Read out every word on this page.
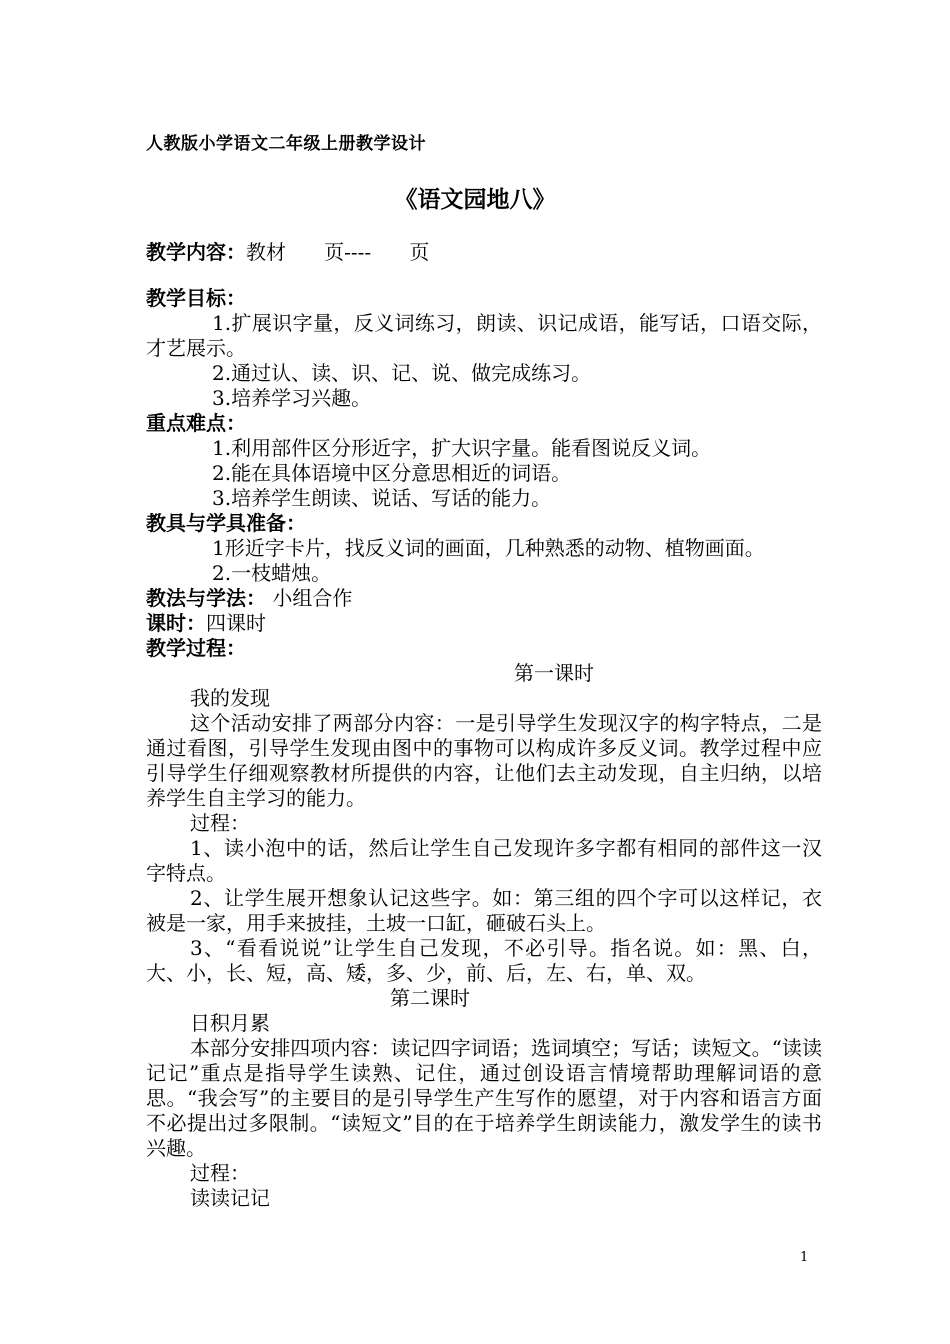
人教版小学语文二年级上册教学设计
《语文园地八》

教学内容：教材      页----      页

教学目标：

1.扩展识字量，反义词练习，朗读、识记成语，能写话，口语交际，才艺展示。

2.通过认、读、识、记、说、做完成练习。

3.培养学习兴趣。

重点难点：

1.利用部件区分形近字，扩大识字量。能看图说反义词。

2.能在具体语境中区分意思相近的词语。

3.培养学生朗读、说话、写话的能力。

教具与学具准备：

1形近字卡片，找反义词的画面，几种熟悉的动物、植物画面。

2.一枝蜡烛。

教法与学法： 小组合作

课时：四课时

教学过程：

第一课时

我的发现

这个活动安排了两部分内容：一是引导学生发现汉字的构字特点，二是通过看图，引导学生发现由图中的事物可以构成许多反义词。教学过程中应引导学生仔细观察教材所提供的内容，让他们去主动发现，自主归纳，以培养学生自主学习的能力。

过程：

1、读小泡中的话，然后让学生自己发现许多字都有相同的部件这一汉字特点。

2、让学生展开想象认记这些字。如：第三组的四个字可以这样记，衣被是一家，用手来披挂，土坡一口缸，砸破石头上。

3、“看看说说”让学生自己发现，不必引导。指名说。如：黑、白，大、小，长、短，高、矮，多、少，前、后，左、右，单、双。

第二课时

日积月累

本部分安排四项内容：读记四字词语；选词填空；写话；读短文。“读读记记”重点是指导学生读熟、记住，通过创设语言情境帮助理解词语的意思。“我会写”的主要目的是引导学生产生写作的愿望，对于内容和语言方面不必提出过多限制。“读短文”目的在于培养学生朗读能力，激发学生的读书兴趣。

过程：

读读记记

1
